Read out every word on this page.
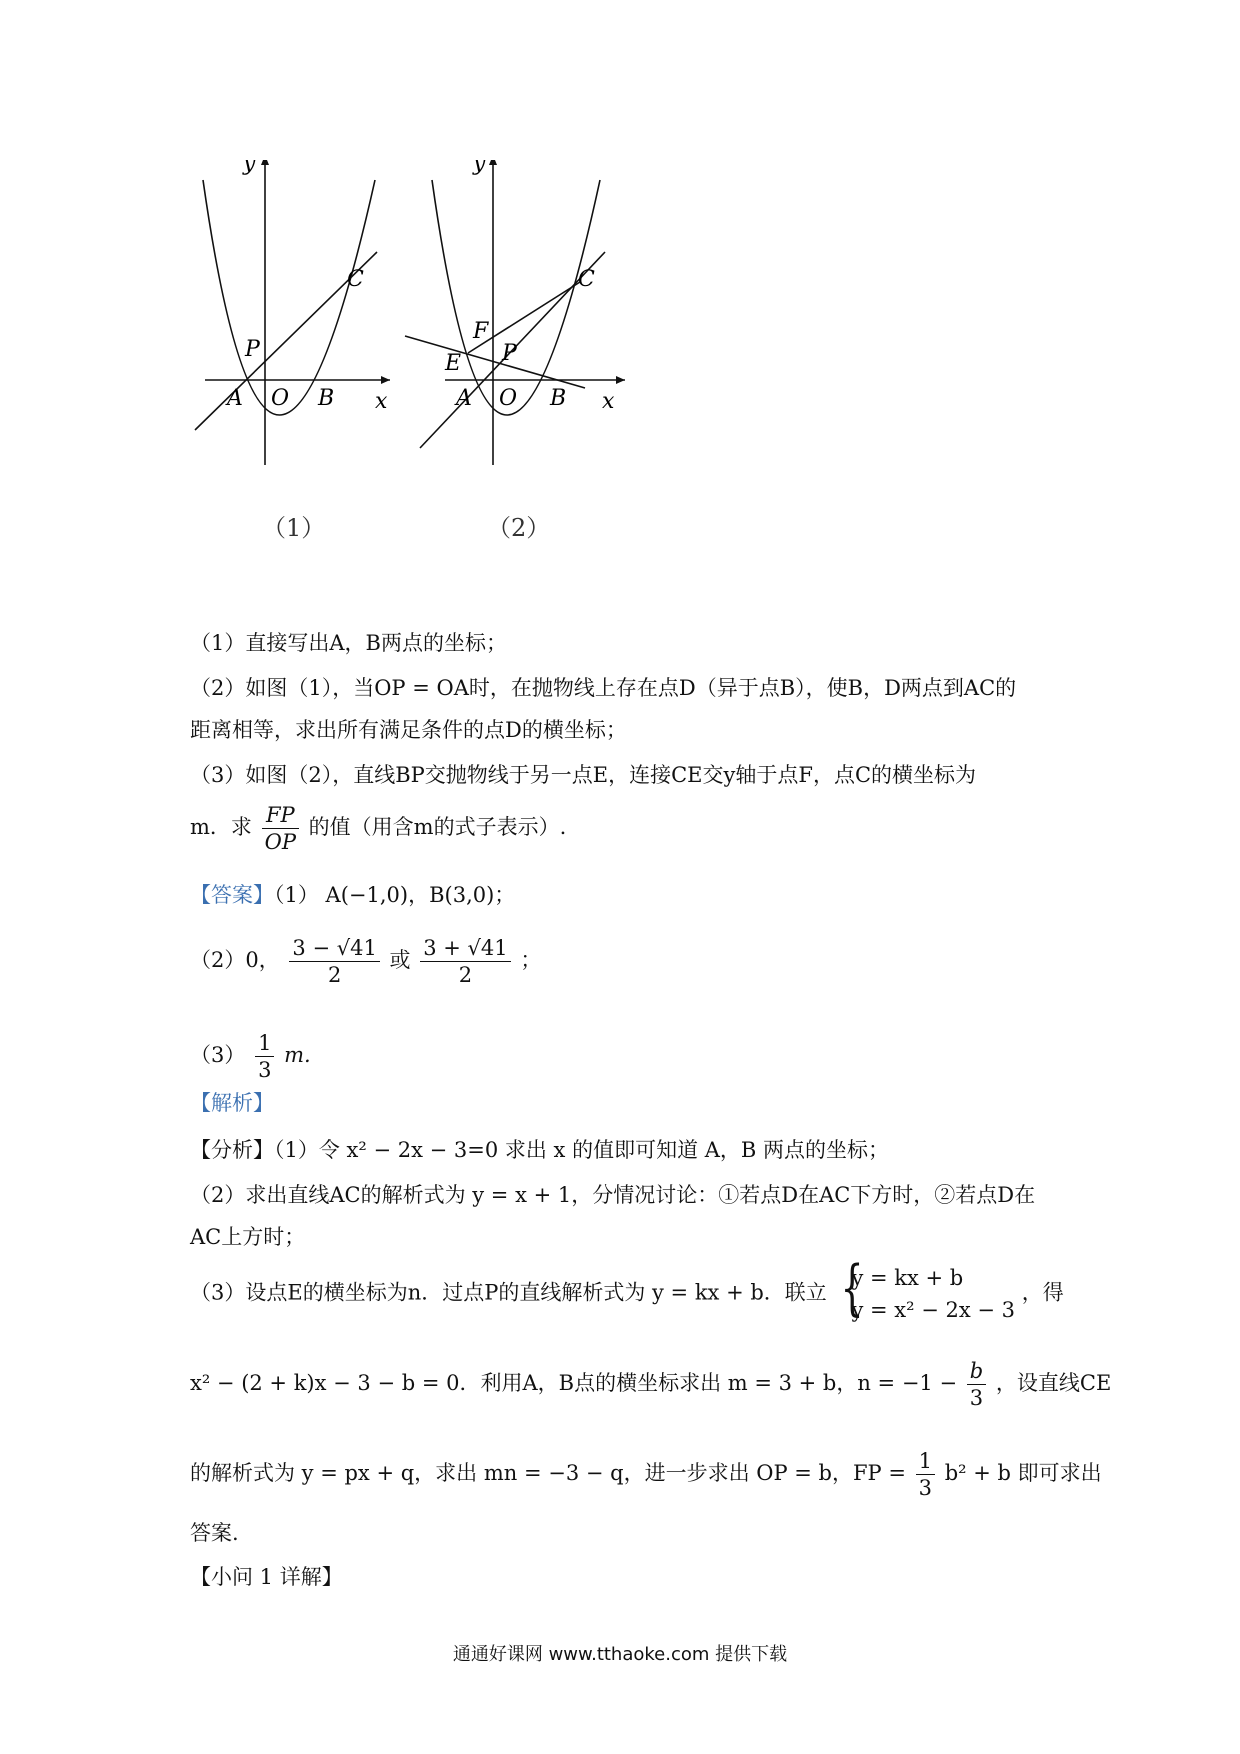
y
x
C
P
A O B
（1）
y
x
C
F
P
E
A O B
（2）
（1）直接写出A，B两点的坐标；
（2）如图（1），当OP = OA时，在抛物线上存在点D（异于点B），使B，D两点到AC的
距离相等，求出所有满足条件的点D的横坐标；
（3）如图（2），直线BP交抛物线于另一点E，连接CE交y轴于点F，点C的横坐标为
m．求 $\frac{FP}{OP}$ 的值（用含m的式子表示）.
【答案】（1） A(−1,0)，B(3,0)；
（2）0， $\frac{3 - √41}{2}$ 或 $\frac{3 + √41}{2}$ ；
$(3) \frac{1}{3} m$.
【解析】
【分析】（1）令 x² − 2x − 3=0 求出 x 的值即可知道 A，B 两点的坐标；
（2）求出直线AC的解析式为 y = x + 1，分情况讨论：①若点D在AC下方时，②若点D在
AC上方时；
（3）设点E的横坐标为n．过点P的直线解析式为 y = kx + b．联立 {
y = kx + b
y = x² − 2x − 3
，得
x² − (2 + k)x − 3 − b = 0．利用A，B点的横坐标求出 m = 3 + b，$n = -1 - \frac{b}{3}$ ，设直线CE
的解析式为 y = px + q，求出 mn = −3 − q，进一步求出 OP = b，FP = $\frac{1}{3} b^2 + b$ 即可求出
答案.
【小问 1 详解】
通通好课网 www.tthaoke.com 提供下载
